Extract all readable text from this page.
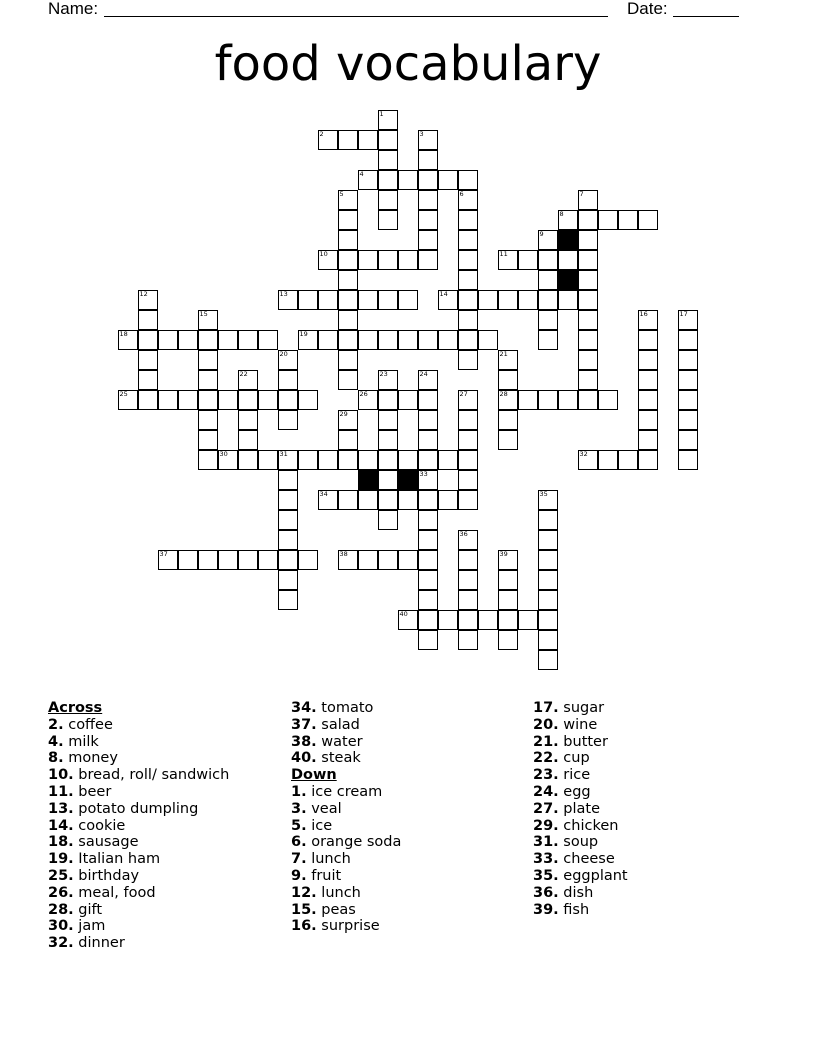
Name:	Date:
food vocabulary
1
2	3
4
5	6	7
8
9
10	11
12	13	14
15	16	17
18	19
20	21
22	23	24
25	26	27	28
29
30	31	32
33
34	35
36
37	38	39
40
Across
2. coffee
4. milk
8. money
10. bread, roll/ sandwich
11. beer
13. potato dumpling
14. cookie
18. sausage
19. Italian ham
25. birthday
26. meal, food
28. gift
30. jam
32. dinner
34. tomato
37. salad
38. water
40. steak
Down
1. ice cream
3. veal
5. ice
6. orange soda
7. lunch
9. fruit
12. lunch
15. peas
16. surprise
17. sugar
20. wine
21. butter
22. cup
23. rice
24. egg
27. plate
29. chicken
31. soup
33. cheese
35. eggplant
36. dish
39. fish
